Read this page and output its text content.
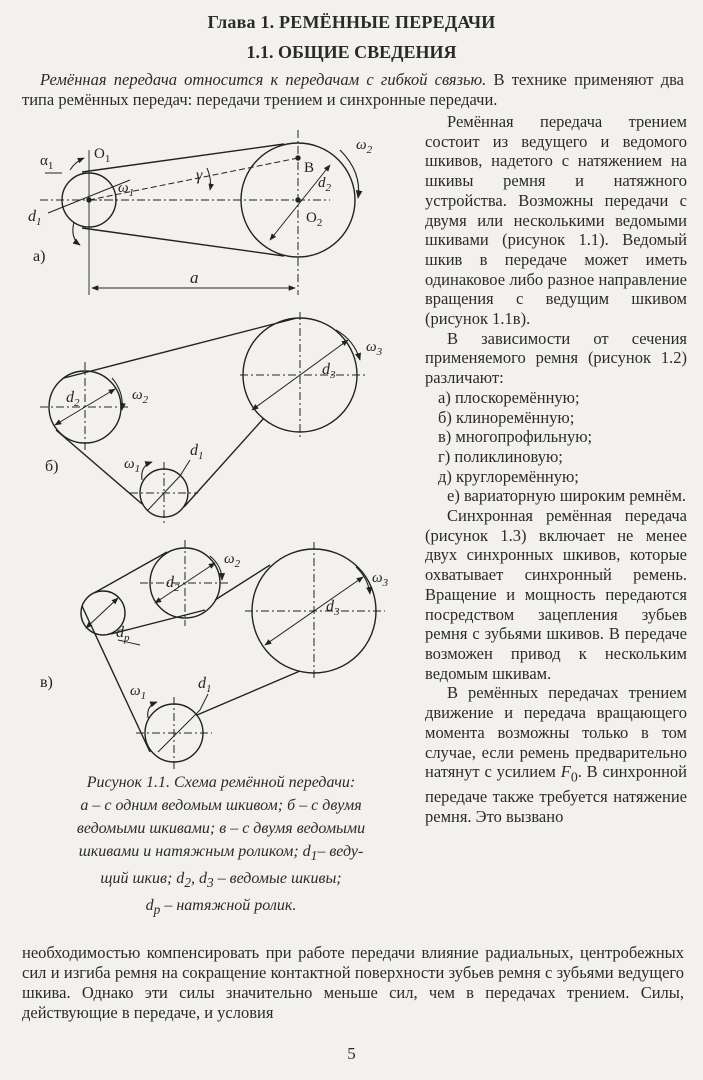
Глава 1. РЕМЁННЫЕ ПЕРЕДАЧИ
1.1. ОБЩИЕ СВЕДЕНИЯ
Ремённая передача относится к передачам с гибкой связью. В технике применяют два типа ремённых передач: передачи трением и синхронные передачи.

Ремённая передача трением состоит из ведущего и ведомого шкивов, надетого с натяжением на шкивы ремня и натяжного устройства. Возможны передачи с двумя или несколькими ведомыми шкивами (рисунок 1.1). Ведомый шкив в передаче может иметь одинаковое либо разное направление вращения с ведущим шкивом (рисунок 1.1в).

В зависимости от сечения применяемого ремня (рисунок 1.2) различают:

а) плоскоремённую;

б) клиноремённую;

в) многопрофильную;

г) поликлиновую;

д) круглоремённую;

е) вариаторную широким ремнём.

Синхронная ремённая передача (рисунок 1.3) включает не менее двух синхронных шкивов, которые охватывает синхронный ремень. Вращение и мощность передаются посредством зацепления зубьев ремня с зубьями шкивов. В передаче возможен привод к нескольким ведомым шкивам.

В ремённых передачах трением движение и передача вращающего момента возможны только в том случае, если ремень предварительно натянут с усилием $F_0$. В синхронной передаче также требуется натяжение ремня. Это вызвано

$\alpha_1$
$O_1$
$\omega_1$
γ	B
$d_2$
$O_2$
$\omega_2$
$d_1$
а)
a
$d_2$	$\omega_2$
$d_3$
$\omega_3$
$\omega_1$
$d_1$
б)
$d_2$
$\omega_2$
$d_3$
$\omega_3$
$d_р$
$\omega_1$
$d_1$
в)
Рисунок 1.1. Схема ремённой передачи:
а – с одним ведомым шкивом; б – с двумя
ведомыми шкивами; в – с двумя ведомыми
шкивами и натяжным роликом; $d_1-$ веду-
щий шкив; $d_2$, $d_3$ – ведомые шкивы;
$d_р$ – натяжной ролик.
необходимостью компенсировать при работе передачи влияние радиальных, центробежных сил и изгиба ремня на сокращение контактной поверхности зубьев ремня с зубьями ведущего шкива. Однако эти силы значительно меньше сил, чем в передачах трением. Силы, действующие в передаче, и условия
5
